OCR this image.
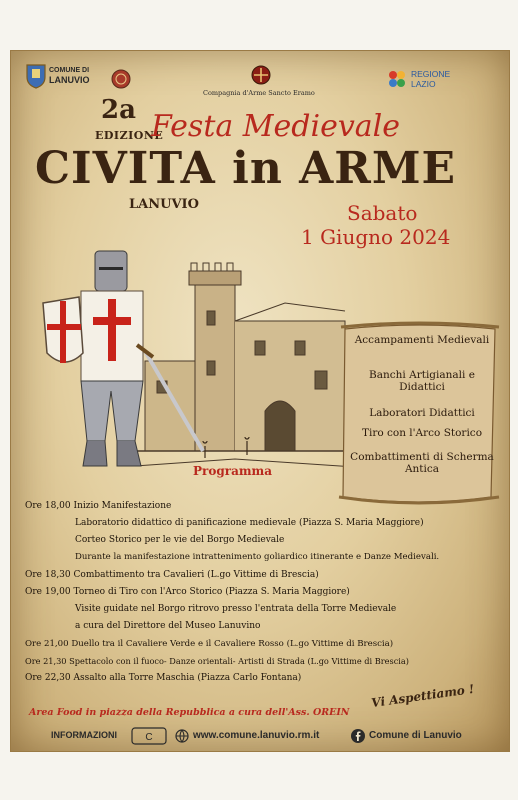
COMUNE DI
LANUVIO
Compagnia d'Arme Sancto Eramo
REGIONE
LAZIO
2a
EDIZIONE
Festa Medievale
CIVITA in ARME
LANUVIO	Sabato
1 Giugno 2024
Accampamenti Medievali
Banchi Artigianali e Didattici
Laboratori Didattici
Tiro con l'Arco Storico
Combattimenti di Scherma Antica
Programma
Ore 18,00 Inizio Manifestazione
Laboratorio didattico di panificazione medievale (Piazza S. Maria Maggiore)
Corteo Storico per le vie del Borgo Medievale
Durante la manifestazione intrattenimento goliardico itinerante e Danze Medievali.
Ore 18,30 Combattimento tra Cavalieri (L.go Vittime di Brescia)
Ore 19,00 Torneo di Tiro con l'Arco Storico (Piazza S. Maria Maggiore)
Visite guidate nel Borgo ritrovo presso l'entrata della Torre Medievale
a cura del Direttore del Museo Lanuvino
Ore 21,00 Duello tra il Cavaliere Verde e il Cavaliere Rosso (L.go Vittime di Brescia)
Ore 21,30 Spettacolo con il fuoco- Danze orientali- Artisti di Strada (L.go Vittime di Brescia)
Ore 22,30 Assalto alla Torre Maschia (Piazza Carlo Fontana)
Vi Aspettiamo !
Area Food in piazza della Repubblica a cura dell'Ass. OREIN
INFORMAZIONI	C	www.comune.lanuvio.rm.it	Comune di Lanuvio
